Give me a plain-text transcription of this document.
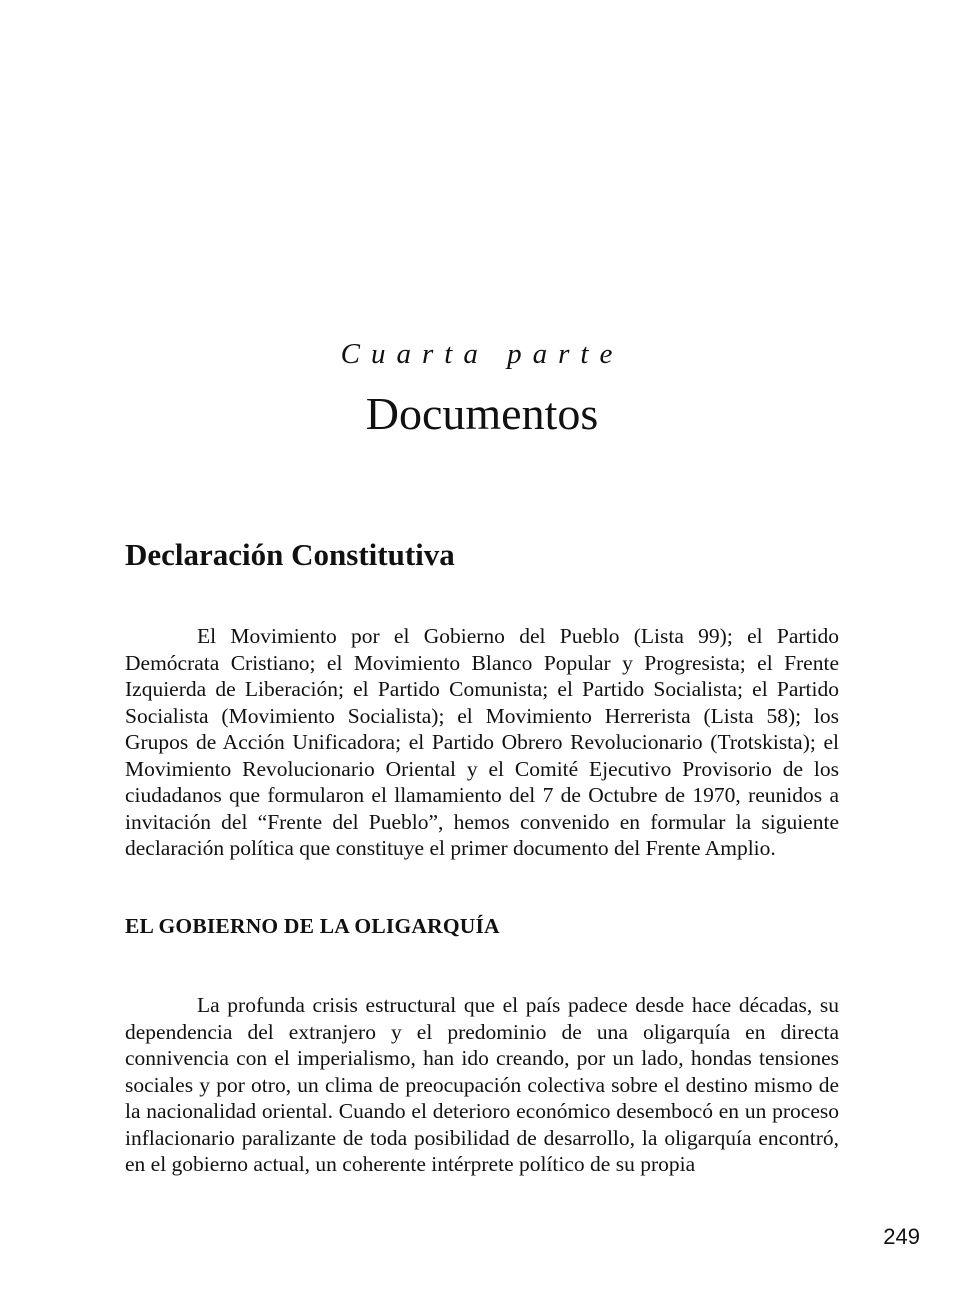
Cuarta parte
Documentos
Declaración Constitutiva

El Movimiento por el Gobierno del Pueblo (Lista 99); el Partido Demócrata Cristiano; el Movimiento Blanco Popular y Progresista; el Frente Izquierda de Liberación; el Partido Comunista; el Partido Socialista; el Partido Socialista (Movimiento Socialista); el Movimiento Herrerista (Lista 58); los Grupos de Acción Unificadora; el Partido Obrero Revolucionario (Trotskista); el Movimiento Revolucionario Oriental y el Comité Ejecutivo Provisorio de los ciudadanos que formularon el llamamiento del 7 de Octubre de 1970, reunidos a invitación del “Frente del Pueblo”, hemos convenido en formular la siguiente declaración política que constituye el primer documento del Frente Amplio.

EL GOBIERNO DE LA OLIGARQUÍA

La profunda crisis estructural que el país padece desde hace décadas, su dependencia del extranjero y el predominio de una oligarquía en directa connivencia con el imperialismo, han ido creando, por un lado, hondas tensiones sociales y por otro, un clima de preocupación colectiva sobre el destino mismo de la nacionalidad oriental. Cuando el deterioro económico desembocó en un proceso inflacionario paralizante de toda posibilidad de desarrollo, la oligarquía encontró, en el gobierno actual, un coherente intérprete político de su propia

249
